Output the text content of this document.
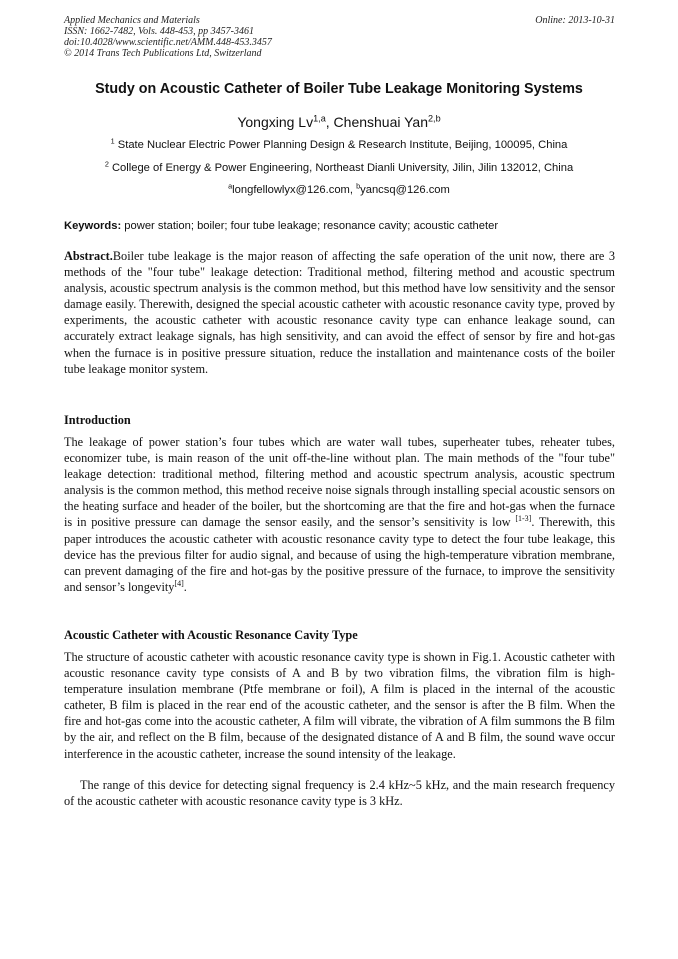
Applied Mechanics and Materials	Online: 2013-10-31
ISSN: 1662-7482, Vols. 448-453, pp 3457-3461
doi:10.4028/www.scientific.net/AMM.448-453.3457
© 2014 Trans Tech Publications Ltd, Switzerland
Study on Acoustic Catheter of Boiler Tube Leakage Monitoring Systems
Yongxing Lv$^{1,a}$, Chenshuai Yan$^{2,b}$
$^1$ State Nuclear Electric Power Planning Design & Research Institute, Beijing, 100095, China
$^2$ College of Energy & Power Engineering, Northeast Dianli University, Jilin, Jilin 132012, China
$^a$longfellowlyx@126.com, $^b$yancsq@126.com
Keywords: power station; boiler; four tube leakage; resonance cavity; acoustic catheter
Abstract.Boiler tube leakage is the major reason of affecting the safe operation of the unit now, there are 3 methods of the "four tube" leakage detection: Traditional method, filtering method and acoustic spectrum analysis, acoustic spectrum analysis is the common method, but this method have low sensitivity and the sensor damage easily. Therewith, designed the special acoustic catheter with acoustic resonance cavity type, proved by experiments, the acoustic catheter with acoustic resonance cavity type can enhance leakage sound, can accurately extract leakage signals, has high sensitivity, and can avoid the effect of sensor by fire and hot-gas when the furnace is in positive pressure situation, reduce the installation and maintenance costs of the boiler tube leakage monitor system.
Introduction
The leakage of power station’s four tubes which are water wall tubes, superheater tubes, reheater tubes, economizer tube, is main reason of the unit off-the-line without plan. The main methods of the "four tube" leakage detection: traditional method, filtering method and acoustic spectrum analysis, acoustic spectrum analysis is the common method, this method receive noise signals through installing special acoustic sensors on the heating surface and header of the boiler, but the shortcoming are that the fire and hot-gas when the furnace is in positive pressure can damage the sensor easily, and the sensor’s sensitivity is low [1-3]. Therewith, this paper introduces the acoustic catheter with acoustic resonance cavity type to detect the four tube leakage, this device has the previous filter for audio signal, and because of using the high-temperature vibration membrane, can prevent damaging of the fire and hot-gas by the positive pressure of the furnace, to improve the sensitivity and sensor’s longevity[4].
Acoustic Catheter with Acoustic Resonance Cavity Type
The structure of acoustic catheter with acoustic resonance cavity type is shown in Fig.1. Acoustic catheter with acoustic resonance cavity type consists of A and B by two vibration films, the vibration film is high-temperature insulation membrane (Ptfe membrane or foil), A film is placed in the internal of the acoustic catheter, B film is placed in the rear end of the acoustic catheter, and the sensor is after the B film. When the fire and hot-gas come into the acoustic catheter, A film will vibrate, the vibration of A film summons the B film by the air, and reflect on the B film, because of the designated distance of A and B film, the sound wave occur interference in the acoustic catheter, increase the sound intensity of the leakage.
The range of this device for detecting signal frequency is 2.4 kHz~5 kHz, and the main research frequency of the acoustic catheter with acoustic resonance cavity type is 3 kHz.
